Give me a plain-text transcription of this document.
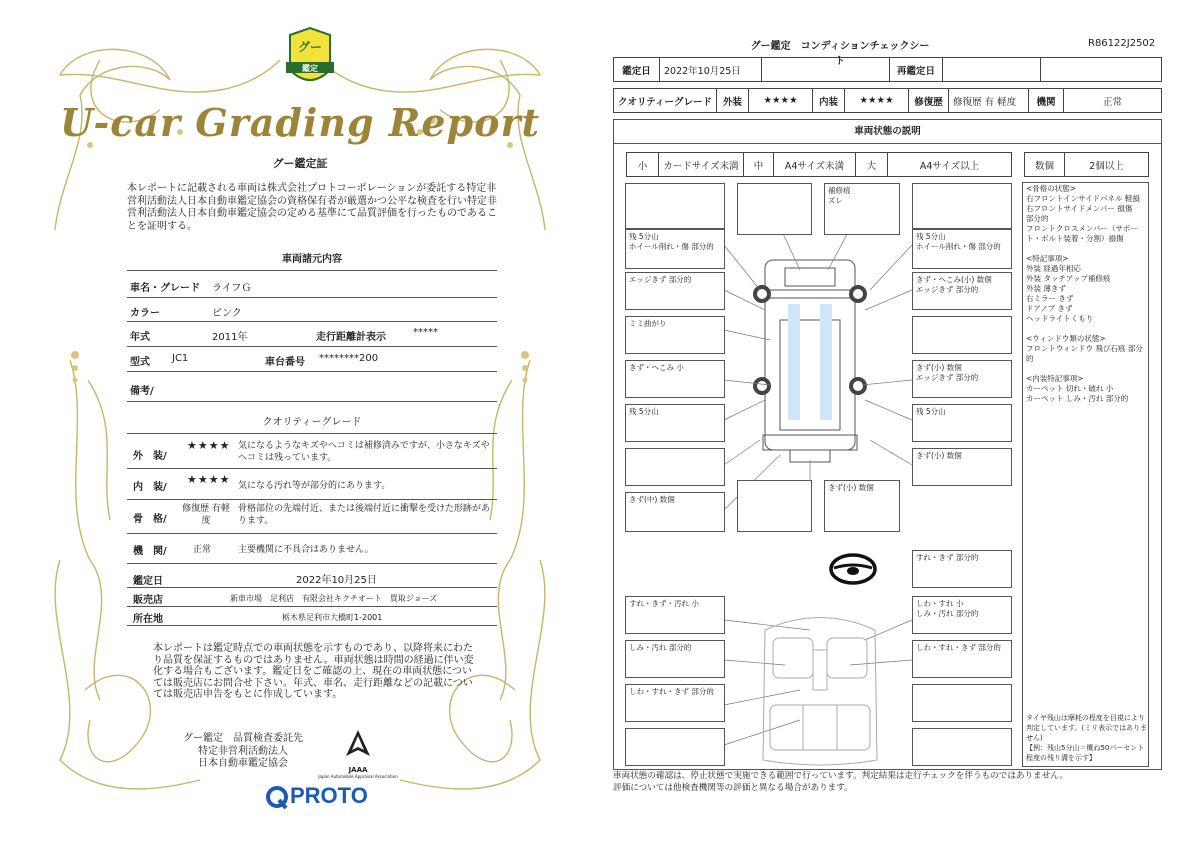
グー
鑑定
U-car Grading Report
グー鑑定証
本レポートに記載される車両は株式会社プロトコーポレーションが委託する特定非営利活動法人日本自動車鑑定協会の資格保有者が厳選かつ公平な検査を行い特定非営利活動法人日本自動車鑑定協会の定める基準にて品質評価を行ったものであることを証明する。
車両諸元内容
車名・グレード ライフＧ
カラー	ピンク
年式	2011年	走行距離計表示	*****
型式 JC1	車台番号 ********200
備考/
クオリティーグレード
外　装/
★★★★ 気になるようなキズやヘコミは補修済みですが、小さなキズやヘコミは残っています。
内　装/
★★★★ 気になる汚れ等が部分的にあります。
骨　格/
修復歴 有軽度
骨格部位の先端付近、または後端付近に衝撃を受けた形跡があります。
機　関/	正常	主要機関に不具合はありません。
鑑定日	2022年10月25日
販売店	新車市場　足利店　有限会社キクチオート　買取ジョーズ
所在地	栃木県足利市大橋町1-2001
本レポートは鑑定時点での車両状態を示すものであり、以降将来にわたり品質を保証するものではありません。車両状態は時間の経過に伴い変化する場合もございます。鑑定日をご確認の上、現在の車両状態については販売店にお問合せ下さい。年式、車名、走行距離などの記載については販売店申告をもとに作成しています。
グー鑑定　品質検査委託先
特定非営利活動法人
日本自動車鑑定協会
JAAA
Japan Automobile Appraisal Association
PROTO
グー鑑定　コンディションチェックシート
R86122J2502
鑑定日	2022年10月25日		再鑑定日		
クオリティーグレード	外装	★★★★	内装	★★★★	修復歴	修復歴 有 軽度	機関	正常
車両状態の説明
小	カードサイズ未満	中	A4サイズ未満	大	A4サイズ以上	数個	2個以上
<骨格の状態>
右フロントインサイドパネル 軽損
右フロントサイドメンバー 損傷
部分的
フロントクロスメンバー（サポート・ボルト装着・分割）損傷

<特記事項>
外装 経過年相応
外装 タッチアップ補修痕
外装 薄きず
右ミラー きず
ドアノブ きず
ヘッドライトくもり

<ウィンドウ類の状態>
フロントウィンドウ 飛び石痕 部分的

<内装特記事項>
カーペット 切れ・破れ 小
カーペット しみ・汚れ 部分的
タイヤ残山は摩耗の程度を目視により判定しています。(ミリ表示ではありません)
【例：残山5分山＝概ね50パーセント程度の残り溝を示す】
補修痕
ズレ
残 5分山
ホイール削れ・傷 部分的
残 5分山
ホイール削れ・傷 部分的
エッジきず 部分的	きず・へこみ(小) 数個
エッジきず 部分的
ミミ曲がり
きず・へこみ 小	きず(小) 数個
エッジきず 部分的
残 5分山	残 5分山
きず(小) 数個
きず(中) 数個
きず(小) 数個
すれ・きず 部分的
すれ・きず・汚れ 小	しわ・すれ 小
しみ・汚れ 部分的
しみ・汚れ 部分的	しわ・すれ・きず 部分的
しわ・すれ・きず 部分的
車両状態の確認は、停止状態で実施できる範囲で行っています。判定結果は走行チェックを伴うものではありません。
評価については他検査機関等の評価と異なる場合があります。
